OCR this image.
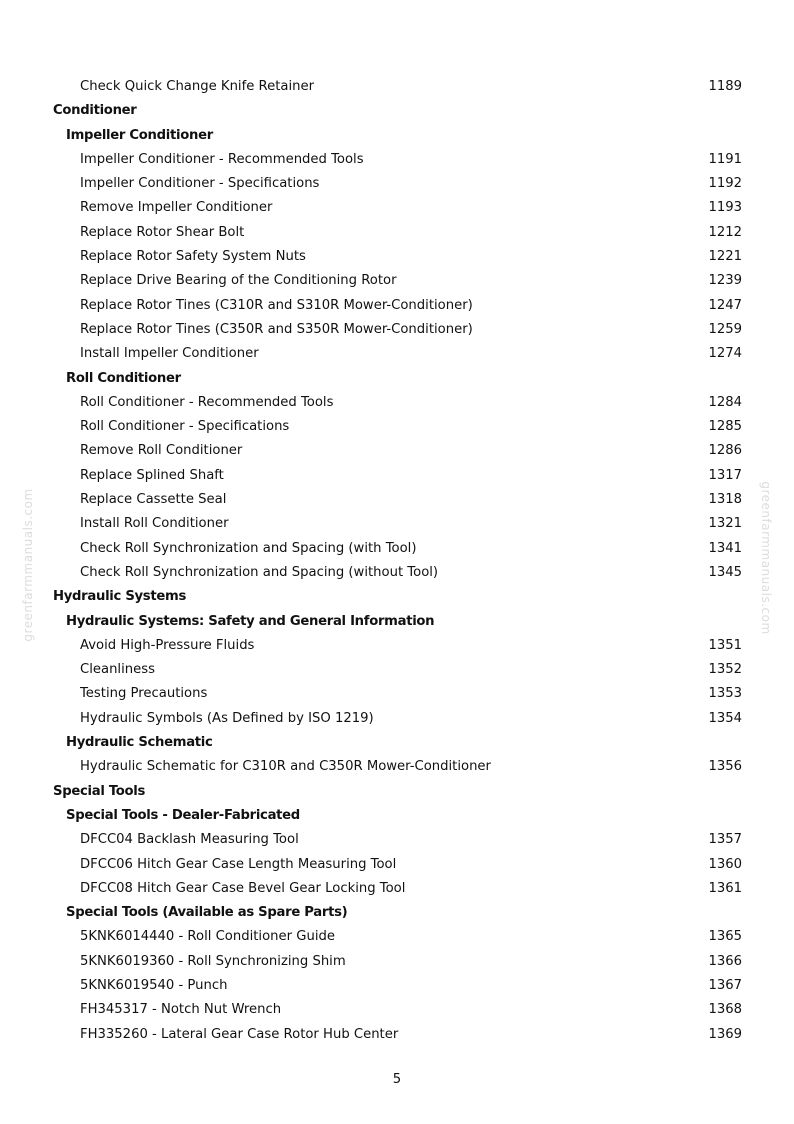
greenfarmmanuals.com	greenfarmmanuals.com
Check Quick Change Knife Retainer	1189
Conditioner
Impeller Conditioner
Impeller Conditioner - Recommended Tools	1191
Impeller Conditioner - Specifications	1192
Remove Impeller Conditioner	1193
Replace Rotor Shear Bolt	1212
Replace Rotor Safety System Nuts	1221
Replace Drive Bearing of the Conditioning Rotor	1239
Replace Rotor Tines (C310R and S310R Mower-Conditioner)	1247
Replace Rotor Tines (C350R and S350R Mower-Conditioner)	1259
Install Impeller Conditioner	1274
Roll Conditioner
Roll Conditioner - Recommended Tools	1284
Roll Conditioner - Specifications	1285
Remove Roll Conditioner	1286
Replace Splined Shaft	1317
Replace Cassette Seal	1318
Install Roll Conditioner	1321
Check Roll Synchronization and Spacing (with Tool)	1341
Check Roll Synchronization and Spacing (without Tool)	1345
Hydraulic Systems
Hydraulic Systems: Safety and General Information
Avoid High-Pressure Fluids	1351
Cleanliness	1352
Testing Precautions	1353
Hydraulic Symbols (As Defined by ISO 1219)	1354
Hydraulic Schematic
Hydraulic Schematic for C310R and C350R Mower-Conditioner	1356
Special Tools
Special Tools - Dealer-Fabricated
DFCC04 Backlash Measuring Tool	1357
DFCC06 Hitch Gear Case Length Measuring Tool	1360
DFCC08 Hitch Gear Case Bevel Gear Locking Tool	1361
Special Tools (Available as Spare Parts)
5KNK6014440 - Roll Conditioner Guide	1365
5KNK6019360 - Roll Synchronizing Shim	1366
5KNK6019540 - Punch	1367
FH345317 - Notch Nut Wrench	1368
FH335260 - Lateral Gear Case Rotor Hub Center	1369
5
